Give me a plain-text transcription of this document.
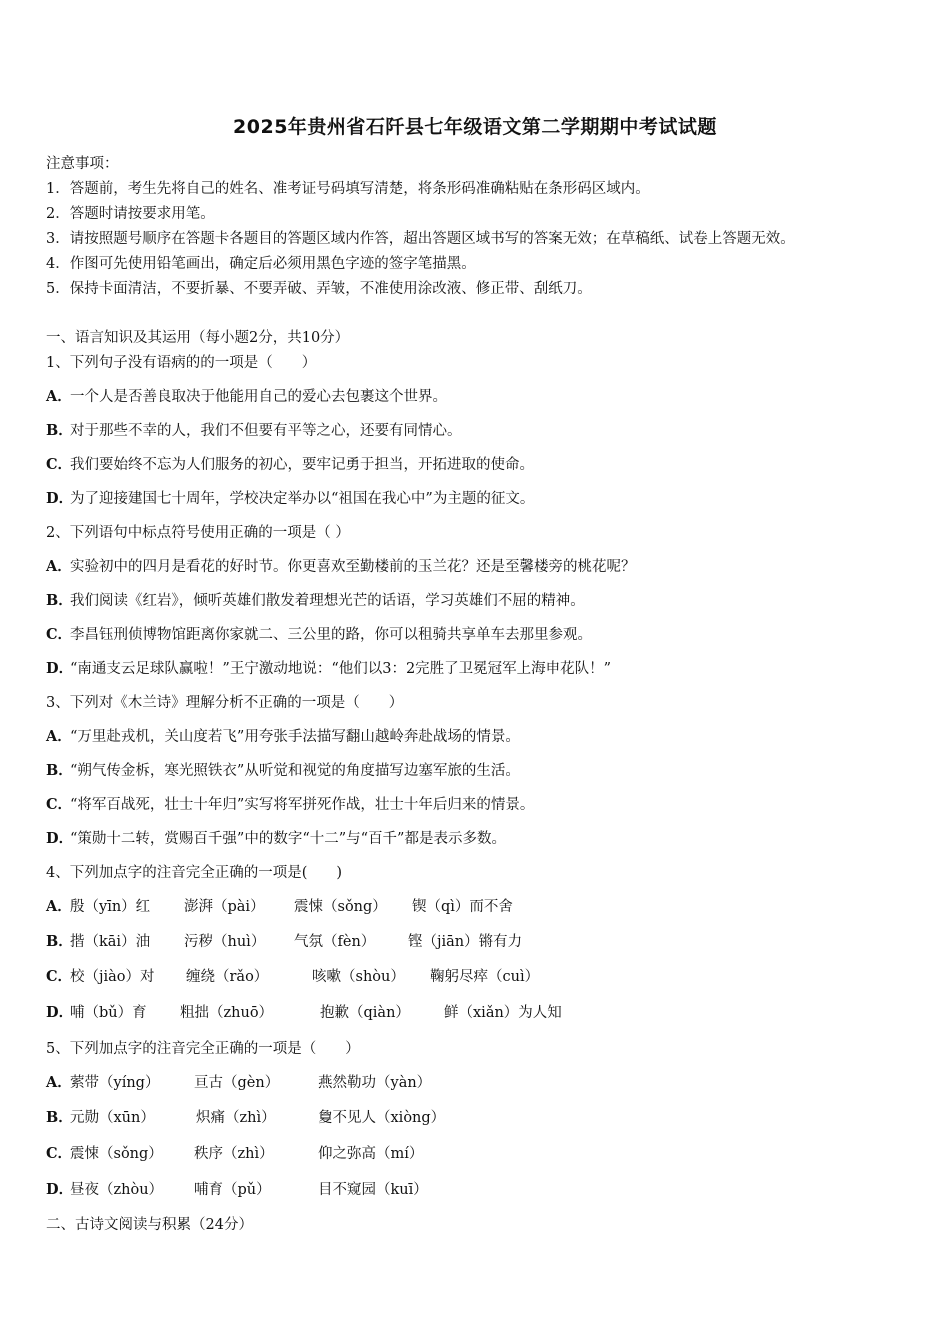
2025年贵州省石阡县七年级语文第二学期期中考试试题
注意事项：
1．答题前，考生先将自己的姓名、准考证号码填写清楚，将条形码准确粘贴在条形码区域内。
2．答题时请按要求用笔。
3．请按照题号顺序在答题卡各题目的答题区域内作答，超出答题区域书写的答案无效；在草稿纸、试卷上答题无效。
4．作图可先使用铅笔画出，确定后必须用黑色字迹的签字笔描黑。
5．保持卡面清洁，不要折暴、不要弄破、弄皱，不准使用涂改液、修正带、刮纸刀。
一、语言知识及其运用（每小题2分，共10分）
1、下列句子没有语病的的一项是（　　）
A．一个人是否善良取决于他能用自己的爱心去包裹这个世界。
B．对于那些不幸的人，我们不但要有平等之心，还要有同情心。
C．我们要始终不忘为人们服务的初心，要牢记勇于担当，开拓进取的使命。
D．为了迎接建国七十周年，学校决定举办以“祖国在我心中”为主题的征文。
2、下列语句中标点符号使用正确的一项是（ ）
A．实验初中的四月是看花的好时节。你更喜欢至勤楼前的玉兰花？还是至馨楼旁的桃花呢？
B．我们阅读《红岩》，倾听英雄们散发着理想光芒的话语，学习英雄们不屈的精神。
C．李昌钰刑侦博物馆距离你家就二、三公里的路，你可以租骑共享单车去那里参观。
D．“南通支云足球队赢啦！”王宁激动地说：“他们以3：2完胜了卫冕冠军上海申花队！”
3、下列对《木兰诗》理解分析不正确的一项是（　　）
A．“万里赴戎机，关山度若飞”用夸张手法描写翻山越岭奔赴战场的情景。
B．“朔气传金柝，寒光照铁衣”从听觉和视觉的角度描写边塞军旅的生活。
C．“将军百战死，壮士十年归”实写将军拼死作战，壮士十年后归来的情景。
D．“策勋十二转，赏赐百千强”中的数字“十二”与“百千”都是表示多数。
4、下列加点字的注音完全正确的一项是(　　)
A．殷（yīn）红 澎湃（pài） 震悚（sǒng） 锲（qì）而不舍
B．揩（kāi）油 污秽（huì） 气氛（fèn） 铿（jiān）锵有力
C．校（jiào）对 缠绕（rǎo）	咳嗽（shòu） 鞠躬尽瘁（cuì）
D．哺（bǔ）育 粗拙（zhuō）	抱歉（qiàn） 鲜（xiǎn）为人知
5、下列加点字的注音完全正确的一项是（　　）
A．萦带（yíng） 亘古（gèn）	燕然勒功（yàn）
B．元勋（xūn）	炽痛（zhì）	敻不见人（xiòng）
C．震悚（sǒng） 秩序（zhì）	仰之弥高（mí）
D．昼夜（zhòu） 哺育（pǔ）	目不窥园（kuī）
二、古诗文阅读与积累（24分）
